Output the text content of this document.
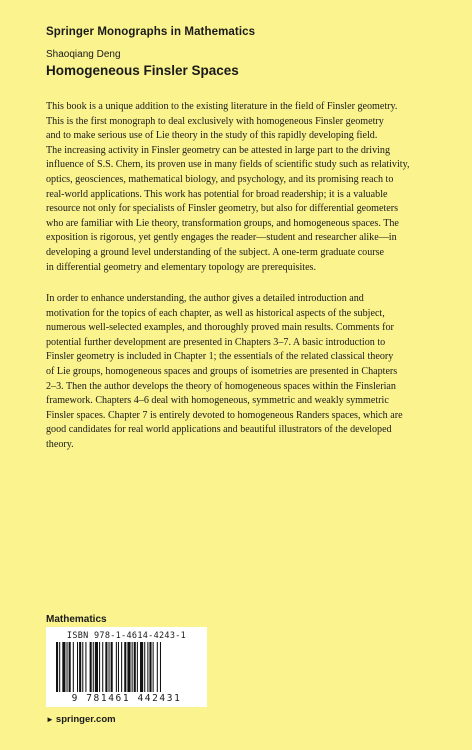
Springer Monographs in Mathematics
Shaoqiang Deng
Homogeneous Finsler Spaces
This book is a unique addition to the existing literature in the field of Finsler geometry.
This is the first monograph to deal exclusively with homogeneous Finsler geometry
and to make serious use of Lie theory in the study of this rapidly developing field.
The increasing activity in Finsler geometry can be attested in large part to the driving
influence of S.S. Chern, its proven use in many fields of scientific study such as relativity,
optics, geosciences, mathematical biology, and psychology, and its promising reach to
real-world applications. This work has potential for broad readership; it is a valuable
resource not only for specialists of Finsler geometry, but also for differential geometers
who are familiar with Lie theory, transformation groups, and homogeneous spaces. The
exposition is rigorous, yet gently engages the reader—student and researcher alike—in
developing a ground level understanding of the subject. A one-term graduate course
in differential geometry and elementary topology are prerequisites.
In order to enhance understanding, the author gives a detailed introduction and
motivation for the topics of each chapter, as well as historical aspects of the subject,
numerous well-selected examples, and thoroughly proved main results. Comments for
potential further development are presented in Chapters 3–7. A basic introduction to
Finsler geometry is included in Chapter 1; the essentials of the related classical theory
of Lie groups, homogeneous spaces and groups of isometries are presented in Chapters
2–3. Then the author develops the theory of homogeneous spaces within the Finslerian
framework. Chapters 4–6 deal with homogeneous, symmetric and weakly symmetric
Finsler spaces. Chapter 7 is entirely devoted to homogeneous Randers spaces, which are
good candidates for real world applications and beautiful illustrators of the developed
theory.
Mathematics
ISBN 978-1-4614-4243-1
9 781461 442431
► springer.com
